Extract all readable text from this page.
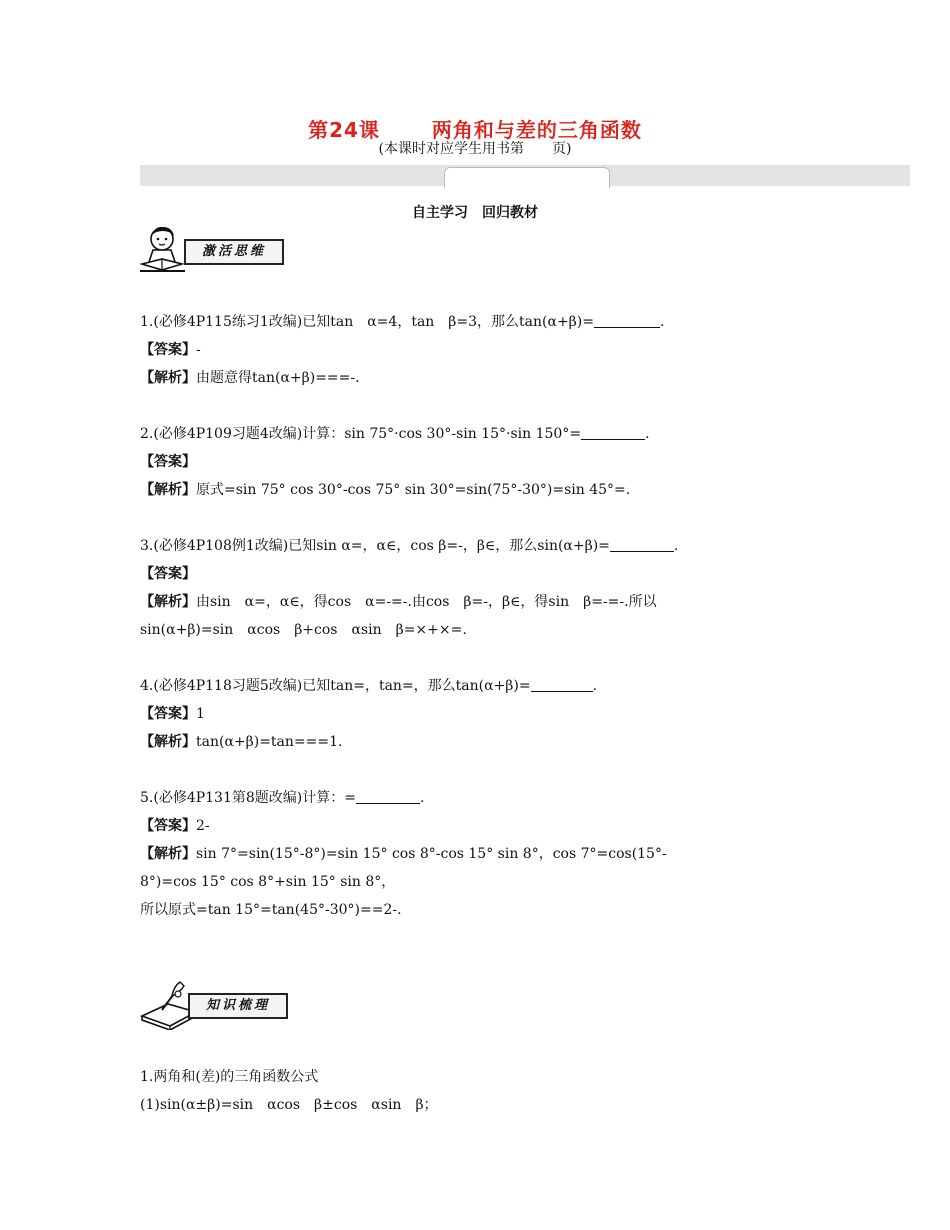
第24课	两角和与差的三角函数
(本课时对应学生用书第 页)
自主学习　回归教材
激活思维
1.(必修4P115练习1改编)已知tan　α=4，tan　β=3，那么tan(α+β)=	.
【答案】-
【解析】由题意得tan(α+β)===-.
2.(必修4P109习题4改编)计算：sin 75°·cos 30°-sin 15°·sin 150°=	.
【答案】
【解析】原式=sin 75° cos 30°-cos 75° sin 30°=sin(75°-30°)=sin 45°=.
3.(必修4P108例1改编)已知sin α=，α∈，cos β=-，β∈，那么sin(α+β)=	.
【答案】
【解析】由sin　α=，α∈，得cos　α=-=-.由cos　β=-，β∈，得sin　β=-=-.所以
sin(α+β)=sin　αcos　β+cos　αsin　β=×+×=.
4.(必修4P118习题5改编)已知tan=，tan=，那么tan(α+β)=	.
【答案】1
【解析】tan(α+β)=tan===1.
5.(必修4P131第8题改编)计算：=	.
【答案】2-
【解析】sin 7°=sin(15°-8°)=sin 15° cos 8°-cos 15° sin 8°，cos 7°=cos(15°-
8°)=cos 15° cos 8°+sin 15° sin 8°，
所以原式=tan 15°=tan(45°-30°)==2-.
知识梳理
1.两角和(差)的三角函数公式
(1)sin(α±β)=sin　αcos　β±cos　αsin　β；
